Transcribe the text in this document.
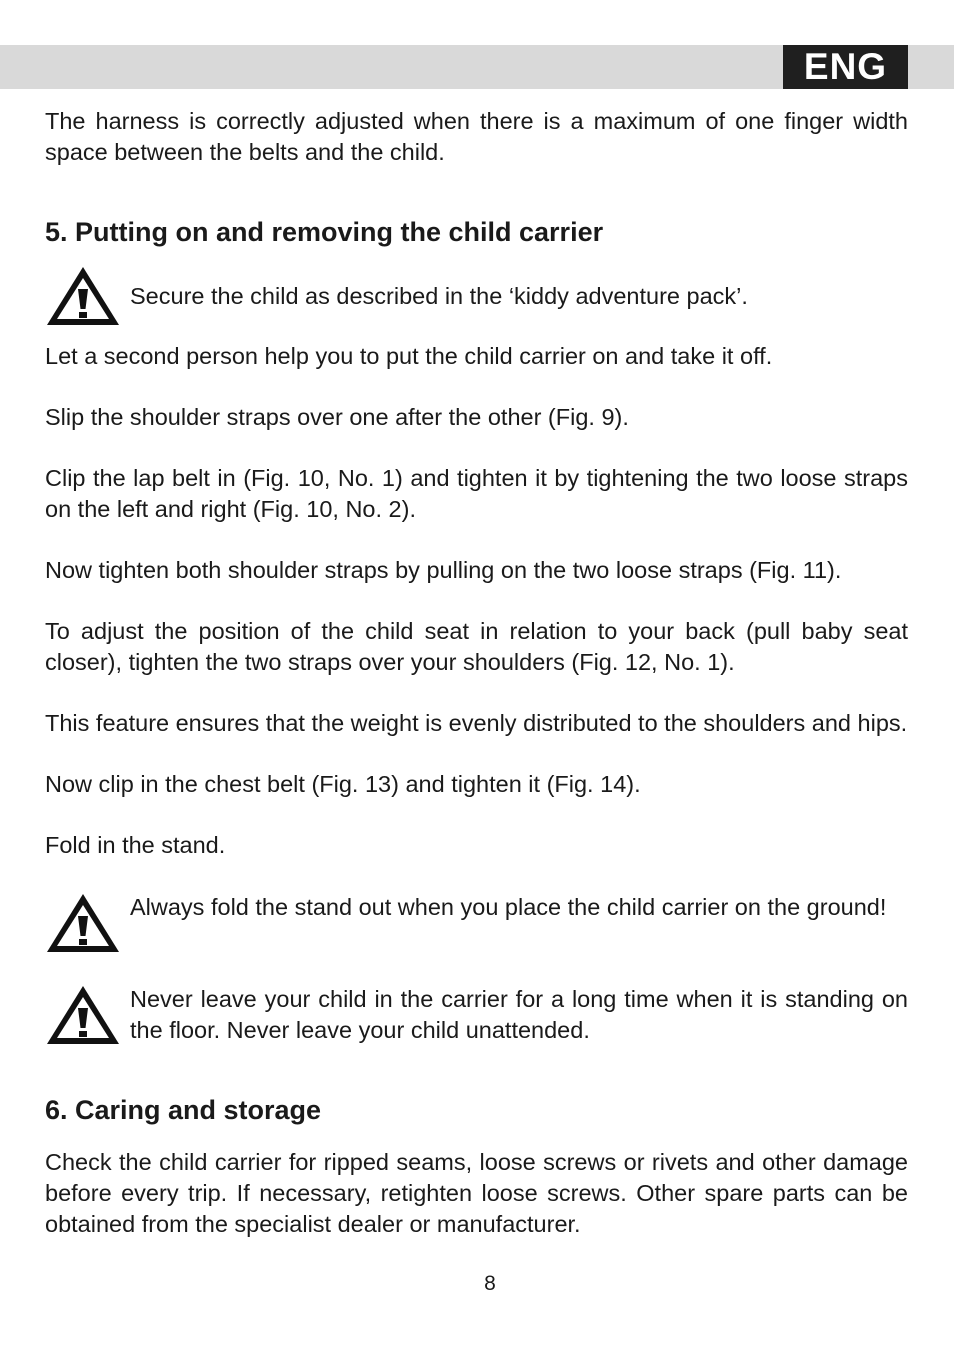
ENG

The harness is correctly adjusted when there is a maximum of one finger width space between the belts and the child.

5. Putting on and removing the child carrier

Secure the child as described in the ‘kiddy adventure pack’.

Let a second person help you to put the child carrier on and take it off.

Slip the shoulder straps over one after the other (Fig. 9).

Clip the lap belt in (Fig. 10, No. 1) and tighten it by tightening the two loose straps on the left and right (Fig. 10, No. 2).

Now tighten both shoulder straps by pulling on the two loose straps (Fig. 11).

To adjust the position of the child seat in relation to your back (pull baby seat closer), tighten the two straps over your shoulders (Fig. 12, No. 1).

This feature ensures that the weight is evenly distributed to the shoulders and hips.

Now clip in the chest belt (Fig. 13) and tighten it (Fig. 14).

Fold in the stand.

Always fold the stand out when you place the child carrier on the ground!

Never leave your child in the carrier for a long time when it is standing on the floor. Never leave your child unattended.

6. Caring and storage

Check the child carrier for ripped seams, loose screws or rivets and other damage before every trip. If necessary, retighten loose screws. Other spare parts can be obtained from the specialist dealer or manufacturer.

8
